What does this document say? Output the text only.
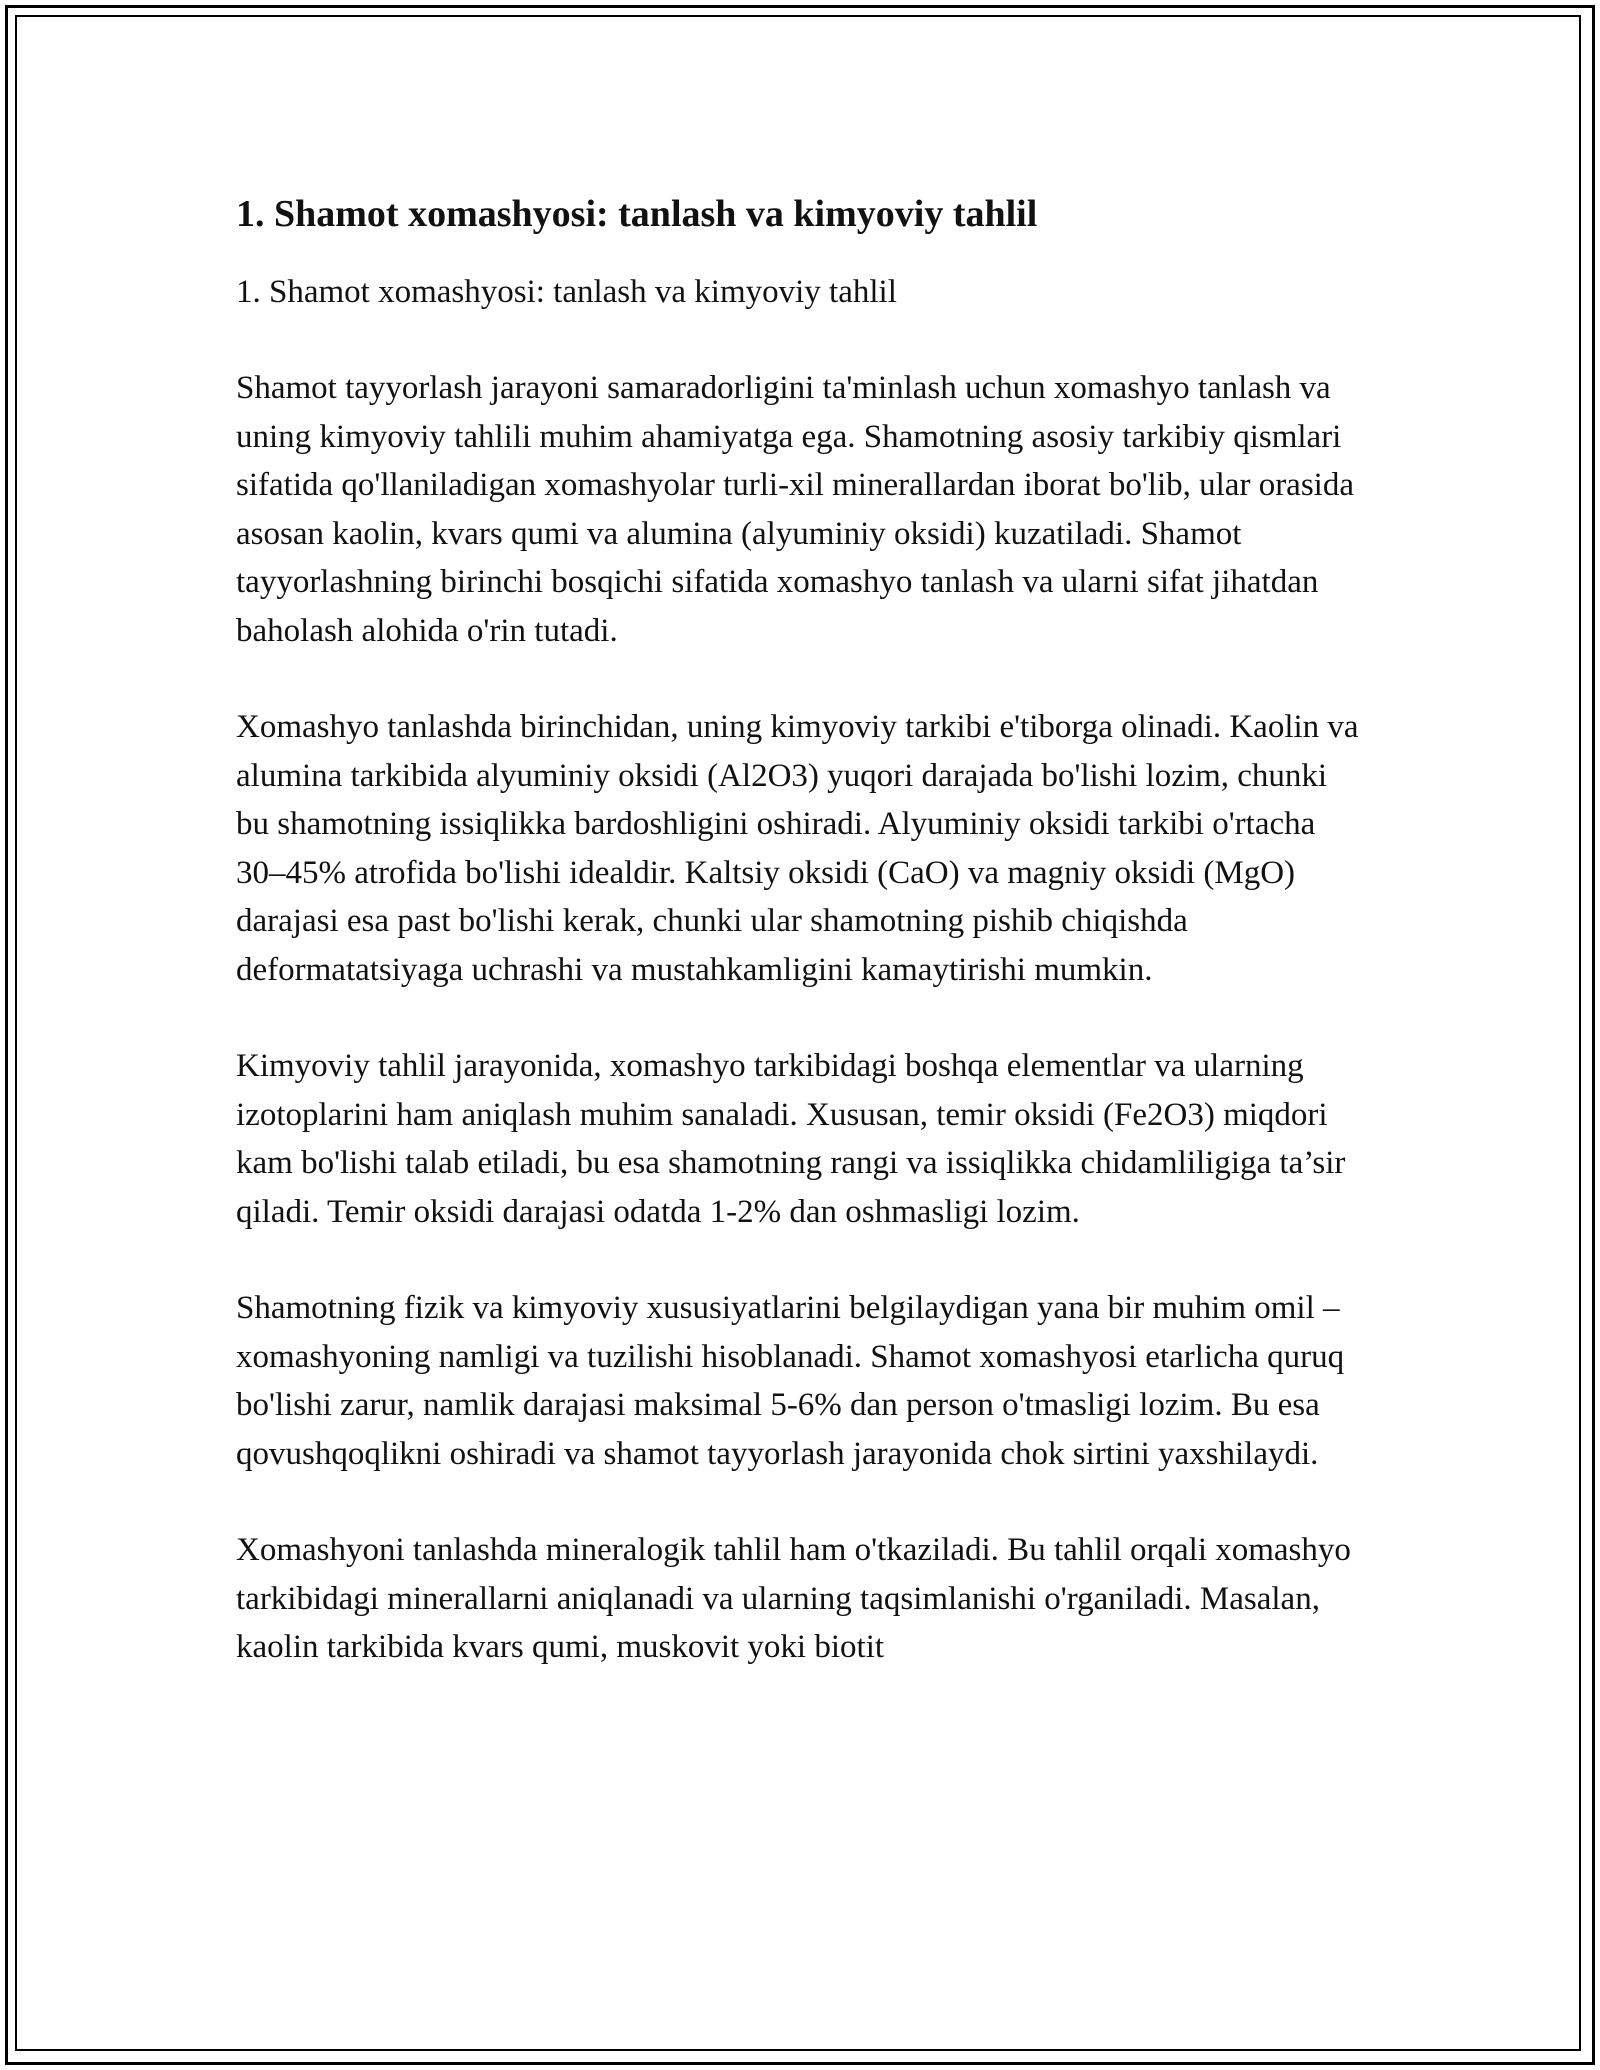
1. Shamot xomashyosi: tanlash va kimyoviy tahlil

1. Shamot xomashyosi: tanlash va kimyoviy tahlil

Shamot tayyorlash jarayoni samaradorligini ta'minlash uchun xomashyo tanlash va uning kimyoviy tahlili muhim ahamiyatga ega. Shamotning asosiy tarkibiy qismlari sifatida qo'llaniladigan xomashyolar turli-xil minerallardan iborat bo'lib, ular orasida asosan kaolin, kvars qumi va alumina (alyuminiy oksidi) kuzatiladi. Shamot tayyorlashning birinchi bosqichi sifatida xomashyo tanlash va ularni sifat jihatdan baholash alohida o'rin tutadi.

Xomashyo tanlashda birinchidan, uning kimyoviy tarkibi e'tiborga olinadi. Kaolin va alumina tarkibida alyuminiy oksidi (Al2O3) yuqori darajada bo'lishi lozim, chunki bu shamotning issiqlikka bardoshligini oshiradi. Alyuminiy oksidi tarkibi o'rtacha 30–45% atrofida bo'lishi idealdir. Kaltsiy oksidi (CaO) va magniy oksidi (MgO) darajasi esa past bo'lishi kerak, chunki ular shamotning pishib chiqishda deformatatsiyaga uchrashi va mustahkamligini kamaytirishi mumkin.

Kimyoviy tahlil jarayonida, xomashyo tarkibidagi boshqa elementlar va ularning izotoplarini ham aniqlash muhim sanaladi. Xususan, temir oksidi (Fe2O3) miqdori kam bo'lishi talab etiladi, bu esa shamotning rangi va issiqlikka chidamliligiga ta’sir qiladi. Temir oksidi darajasi odatda 1-2% dan oshmasligi lozim.

Shamotning fizik va kimyoviy xususiyatlarini belgilaydigan yana bir muhim omil – xomashyoning namligi va tuzilishi hisoblanadi. Shamot xomashyosi etarlicha quruq bo'lishi zarur, namlik darajasi maksimal 5-6% dan person o'tmasligi lozim. Bu esa qovushqoqlikni oshiradi va shamot tayyorlash jarayonida chok sirtini yaxshilaydi.

Xomashyoni tanlashda mineralogik tahlil ham o'tkaziladi. Bu tahlil orqali xomashyo tarkibidagi minerallarni aniqlanadi va ularning taqsimlanishi o'rganiladi. Masalan, kaolin tarkibida kvars qumi, muskovit yoki biotit
